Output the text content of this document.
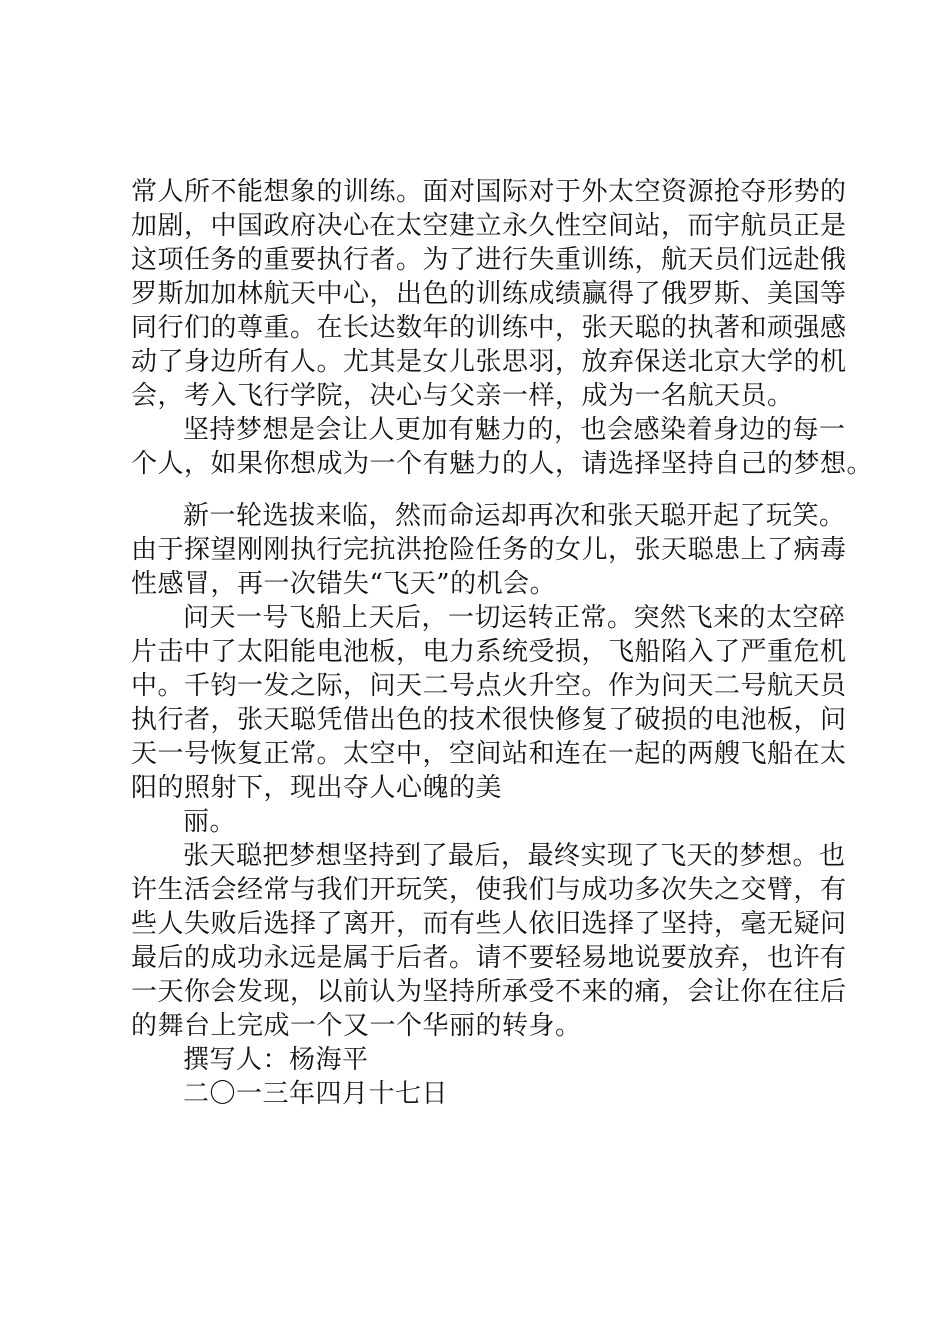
常人所不能想象的训练。面对国际对于外太空资源抢夺形势的
加剧，中国政府决心在太空建立永久性空间站，而宇航员正是
这项任务的重要执行者。为了进行失重训练，航天员们远赴俄
罗斯加加林航天中心，出色的训练成绩赢得了俄罗斯、美国等
同行们的尊重。在长达数年的训练中，张天聪的执著和顽强感
动了身边所有人。尤其是女儿张思羽，放弃保送北京大学的机
会，考入飞行学院，决心与父亲一样，成为一名航天员。
坚持梦想是会让人更加有魅力的，也会感染着身边的每一
个人，如果你想成为一个有魅力的人，请选择坚持自己的梦想。
新一轮选拔来临，然而命运却再次和张天聪开起了玩笑。
由于探望刚刚执行完抗洪抢险任务的女儿，张天聪患上了病毒
性感冒，再一次错失“飞天”的机会。
问天一号飞船上天后，一切运转正常。突然飞来的太空碎
片击中了太阳能电池板，电力系统受损，飞船陷入了严重危机
中。千钧一发之际，问天二号点火升空。作为问天二号航天员
执行者，张天聪凭借出色的技术很快修复了破损的电池板，问
天一号恢复正常。太空中，空间站和连在一起的两艘飞船在太
阳的照射下，现出夺人心魄的美
丽。
张天聪把梦想坚持到了最后，最终实现了飞天的梦想。也
许生活会经常与我们开玩笑，使我们与成功多次失之交臂，有
些人失败后选择了离开，而有些人依旧选择了坚持，毫无疑问
最后的成功永远是属于后者。请不要轻易地说要放弃，也许有
一天你会发现，以前认为坚持所承受不来的痛，会让你在往后
的舞台上完成一个又一个华丽的转身。
撰写人：杨海平
二〇一三年四月十七日
